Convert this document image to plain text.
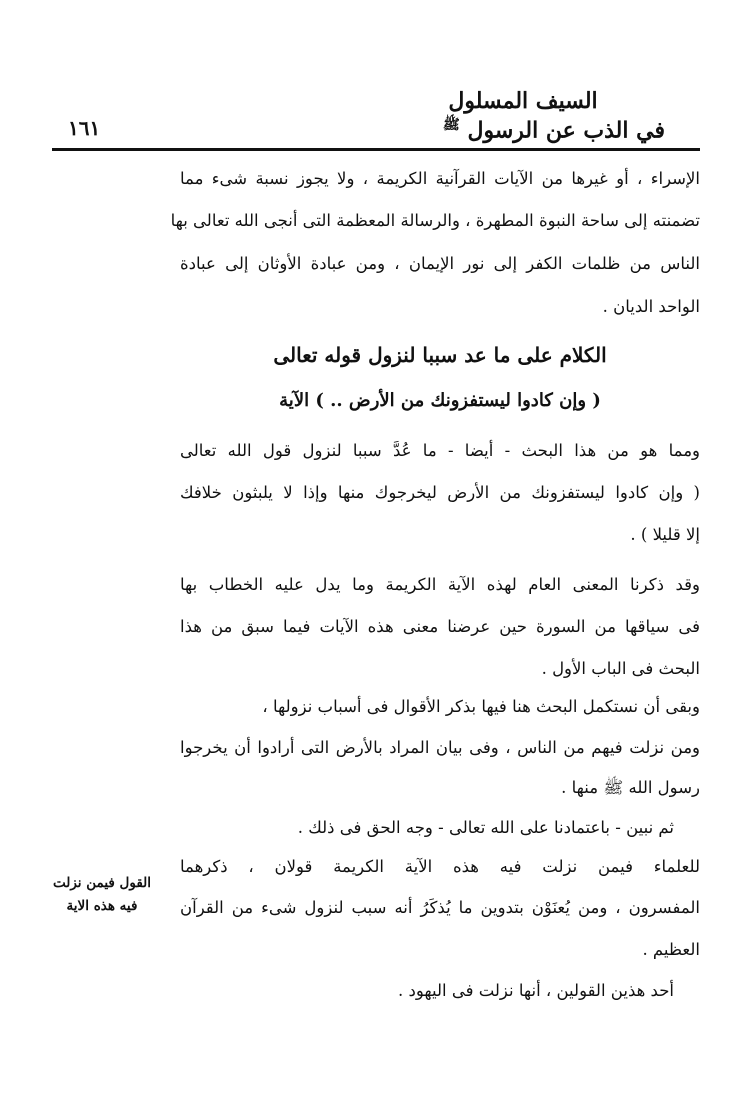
السيف المسلول
في الذب عن الرسول $^ﷺ$
١٦١
القول فيمن نزلت
فيه هذه الاية
الإسراء ، أو غيرها من الآيات القرآنية الكريمة ، ولا يجوز نسبة شىء مما
تضمنته إلى ساحة النبوة المطهرة ، والرسالة المعظمة التى أنجى الله تعالى بها
الناس من ظلمات الكفر إلى نور الإيمان ، ومن عبادة الأوثان إلى عبادة
الواحد الديان .
الكلام على ما عد سببا لنزول قوله تعالى
( وإن كادوا ليستفزونك من الأرض .. ) الآية
ومما هو من هذا البحث - أيضا - ما عُدَّ سببا لنزول قول الله تعالى
( وإن كادوا ليستفزونك من الأرض ليخرجوك منها وإذا لا يلبثون خلافك
إلا قليلا ) .
وقد ذكرنا المعنى العام لهذه الآية الكريمة وما يدل عليه الخطاب بها
فى سياقها من السورة حين عرضنا معنى هذه الآيات فيما سبق من هذا
البحث فى الباب الأول .
وبقى أن نستكمل البحث هنا فيها بذكر الأقوال فى أسباب نزولها ،
ومن نزلت فيهم من الناس ، وفى بيان المراد بالأرض التى أرادوا أن يخرجوا
رسول الله ﷺ منها .
ثم نبين - باعتمادنا على الله تعالى - وجه الحق فى ذلك .
للعلماء فيمن نزلت فيه هذه الآية الكريمة قولان ، ذكرهما
المفسرون ، ومن يُعنَوْن بتدوين ما يُذكَرُ أنه سبب لنزول شىء من القرآن
العظيم .
أحد هذين القولين ، أنها نزلت فى اليهود .
